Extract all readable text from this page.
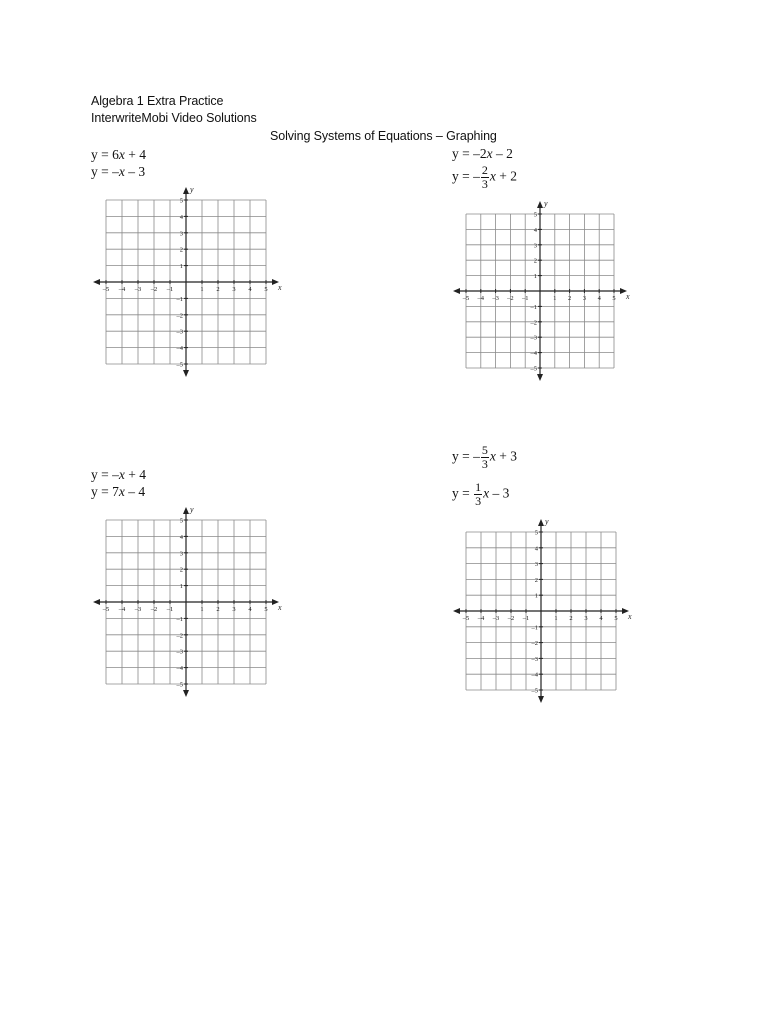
Algebra 1 Extra Practice
InterwriteMobi Video Solutions
Solving Systems of Equations – Graphing
y = 6x + 4
y = –x – 3
y = –2x – 2
y = – $\frac{2}{3}$ x + 2
y = –x + 4
y = 7x – 4
y = – $\frac{5}{3}$ x + 3
$y = \frac{1}{3}$ x – 3
–5 –4 –3 –2 –1	1 2 3 4 5
5
4
3
2
1
–1
–2
–3
–4
–5
x
y
–5 –4 –3 –2 –1	1 2 3 4 5
5
4
3
2
1
–1
–2
–3
–4
–5
x
y
–5 –4 –3 –2 –1	1 2 3 4 5
5
4
3
2
1
–1
–2
–3
–4
–5
x
y
–5 –4 –3 –2 –1	1 2 3 4 5
5
4
3
2
1
–1
–2
–3
–4
–5
x
y
